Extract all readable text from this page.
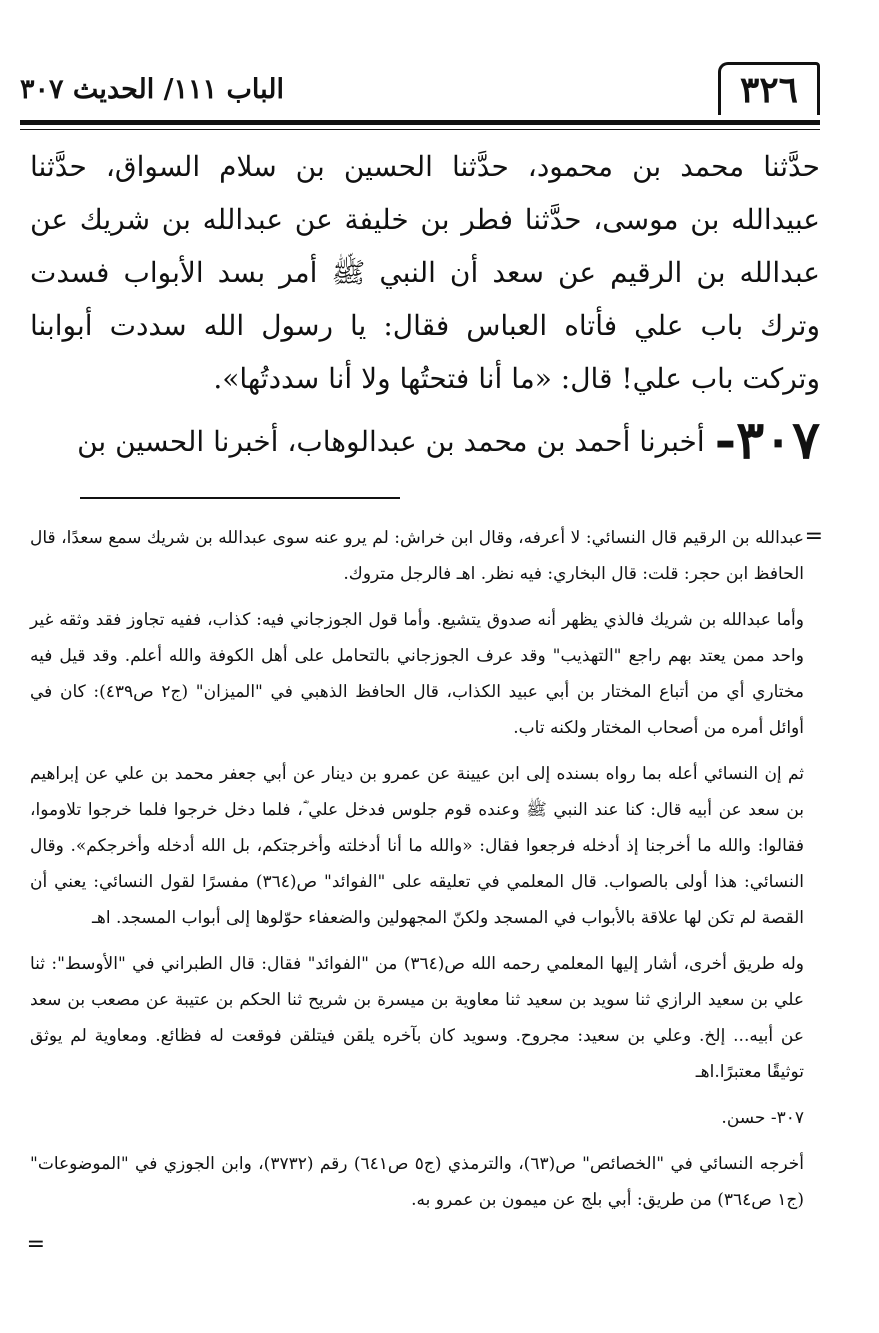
٣٢٦
الباب ١١١/ الحديث ٣٠٧

حدَّثنا محمد بن محمود، حدَّثنا الحسين بن سلام السواق، حدَّثنا عبيدالله بن موسى، حدَّثنا فطر بن خليفة عن عبدالله بن شريك عن عبدالله بن الرقيم عن سعد أن النبي ﷺ أمر بسد الأبواب فسدت وترك باب علي فأتاه العباس فقال: يا رسول الله سددت أبوابنا وتركت باب علي! قال: «ما أنا فتحتُها ولا أنا سددتُها».

٣٠٧-
أخبرنا أحمد بن محمد بن عبدالوهاب، أخبرنا الحسين بن
=

عبدالله بن الرقيم قال النسائي: لا أعرفه، وقال ابن خراش: لم يرو عنه سوى عبدالله بن شريك سمع سعدًا، قال الحافظ ابن حجر: قلت: قال البخاري: فيه نظر. اهـ فالرجل متروك.

وأما عبدالله بن شريك فالذي يظهر أنه صدوق يتشيع. وأما قول الجوزجاني فيه: كذاب، ففيه تجاوز فقد وثقه غير واحد ممن يعتد بهم راجع "التهذيب" وقد عرف الجوزجاني بالتحامل على أهل الكوفة والله أعلم. وقد قيل فيه مختاري أي من أتباع المختار بن أبي عبيد الكذاب، قال الحافظ الذهبي في "الميزان" (ج٢ ص٤٣٩): كان في أوائل أمره من أصحاب المختار ولكنه تاب.

ثم إن النسائي أعله بما رواه بسنده إلى ابن عيينة عن عمرو بن دينار عن أبي جعفر محمد بن علي عن إبراهيم بن سعد عن أبيه قال: كنا عند النبي ﷺ وعنده قوم جلوس فدخل علي ؓ، فلما دخل خرجوا فلما خرجوا تلاوموا، فقالوا: والله ما أخرجنا إذ أدخله فرجعوا فقال: «والله ما أنا أدخلته وأخرجتكم، بل الله أدخله وأخرجكم». وقال النسائي: هذا أولى بالصواب. قال المعلمي في تعليقه على "الفوائد" ص(٣٦٤) مفسرًا لقول النسائي: يعني أن القصة لم تكن لها علاقة بالأبواب في المسجد ولكنّ المجهولين والضعفاء حوّلوها إلى أبواب المسجد. اهـ

وله طريق أخرى، أشار إليها المعلمي رحمه الله ص(٣٦٤) من "الفوائد" فقال: قال الطبراني في "الأوسط": ثنا علي بن سعيد الرازي ثنا سويد بن سعيد ثنا معاوية بن ميسرة بن شريح ثنا الحكم بن عتيبة عن مصعب بن سعد عن أبيه... إلخ. وعلي بن سعيد: مجروح. وسويد كان بآخره يلقن فيتلقن فوقعت له فظائع. ومعاوية لم يوثق توثيقًا معتبرًا.اهـ

٣٠٧- حسن.

أخرجه النسائي في "الخصائص" ص(٦٣)، والترمذي (ج٥ ص٦٤١) رقم (٣٧٣٢)، وابن الجوزي في "الموضوعات" (ج١ ص٣٦٤) من طريق: أبي بلج عن ميمون بن عمرو به.

=
